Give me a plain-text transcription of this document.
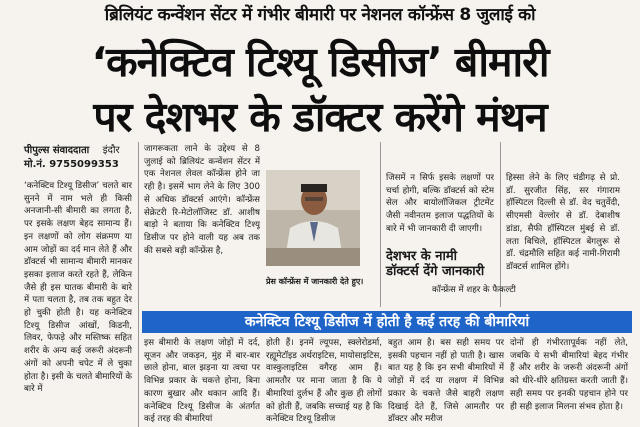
ब्रिलियंट कन्वेंशन सेंटर में गंभीर बीमारी पर नेशनल कॉन्फ्रेंस 8 जुलाई को
‘कनेक्टिव टिश्यू डिसीज’ बीमारी
पर देशभर के डॉक्टर करेंगे मंथन
पीपुल्स संवाददाता इंदौर
मो.नं. 9755099353
‘कनेक्टिव टिश्यू डिसीज’ चलते बार सुनने में नाम भले ही किसी अनजानी-सी बीमारी का लगता है, पर इसके लक्षण बेहद सामान्य हैं। इन लक्षणों को लोग संक्रमण या आम जोड़ों का दर्द मान लेते हैं और डॉक्टर्स भी सामान्य बीमारी मानकर इसका इलाज करते रहते हैं, लेकिन जैसे ही इस घातक बीमारी के बारे में पता चलता है, तब तक बहुत देर हो चुकी होती है। यह कनेक्टिव टिश्यू डिसीज आंखों, किडनी, लिवर, फेफड़े और मस्तिष्क सहित शरीर के अन्य कई जरूरी अंदरूनी अंगों को अपनी चपेट में ले चुका होता है। इसी के चलते बीमारियों के बारे में
जागरूकता लाने के उद्देश्य से 8 जुलाई को ब्रिलियंट कन्वेंशन सेंटर में एक नेशनल लेवल कॉन्फ्रेंस होने जा रही है। इसमें भाग लेने के लिए 300 से अधिक डॉक्टर्स आएंगे। कॉन्फ्रेंस सेक्रेटरी रि-मेटोलॉजिस्ट डॉ. आशीष बाड़ो ने बताया कि कनेक्टिव टिश्यू डिसीज पर होने वाली यह अब तक की सबसे बड़ी कॉन्फ्रेंस है,
प्रेस कॉन्फ्रेंस में जानकारी देते हुए।
जिसमें न सिर्फ इसके लक्षणों पर चर्चा होगी, बल्कि डॉक्टर्स को स्टेम सेल और बायोलॉजिकल ट्रीटमेंट जैसी नवीनतम इलाज पद्धतियों के बारे में भी जानकारी दी जाएगी।
देशभर के नामी डॉक्टर्स देंगे जानकारी
कॉन्फ्रेंस में शहर के फैकल्टी
हिस्सा लेने के लिए चंडीगढ़ से प्रो. डॉ. सुरजीत सिंह, सर गंगाराम हॉस्पिटल दिल्ली से डॉ. वेद चतुर्वेदी, सीएमसी वेल्लोर से डॉ. देबाशीष डांडा, सैफी हॉस्पिटल मुंबई से डॉ. लता बिचिले, हॉस्पिटल बेंगलुरू से डॉ. चंद्रमौलि सहित कई नामी-गिरामी डॉक्टर्स शामिल होंगे।
कनेक्टिव टिश्यू डिसीज में होती है कई तरह की बीमारियां
इस बीमारी के लक्षण जोड़ों में दर्द, सूजन और जकड़न, मुंह में बार-बार छाले होना, बाल झड़ना या त्वचा पर विभिन्न प्रकार के चकत्ते होना, बिना कारण बुखार और थकान आदि हैं। कनेक्टिव टिश्यू डिसीज के अंतर्गत कई तरह की बीमारियां
होती हैं। इनमें ल्यूपस, स्क्लेरोडर्मा, रह्यूमेटॉइड अर्थराइटिस, मायोसाइटिस, वास्कुलाइटिस वगैरह आम हैं। आमतौर पर माना जाता है कि ये बीमारियां दुर्लभ हैं और कुछ ही लोगों को होती हैं, जबकि सच्चाई यह है कि कनेक्टिव टिश्यू डिसीज
बहुत आम है। बस सही समय पर इसकी पहचान नहीं हो पाती है। खास बात यह है कि इन सभी बीमारियों में जोड़ों में दर्द या लक्षण में विभिन्न प्रकार के चकत्ते जैसे बाहरी लक्षण दिखाई देते हैं, जिसे आमतौर पर डॉक्टर और मरीज
दोनों ही गंभीरतापूर्वक नहीं लेते, जबकि ये सभी बीमारियां बेहद गंभीर हैं और शरीर के जरूरी अंदरूनी अंगों को धीरे-धीरे क्षतिग्रस्त करती जाती हैं। सही समय पर इनकी पहचान होने पर ही सही इलाज मिलना संभव होता है।
